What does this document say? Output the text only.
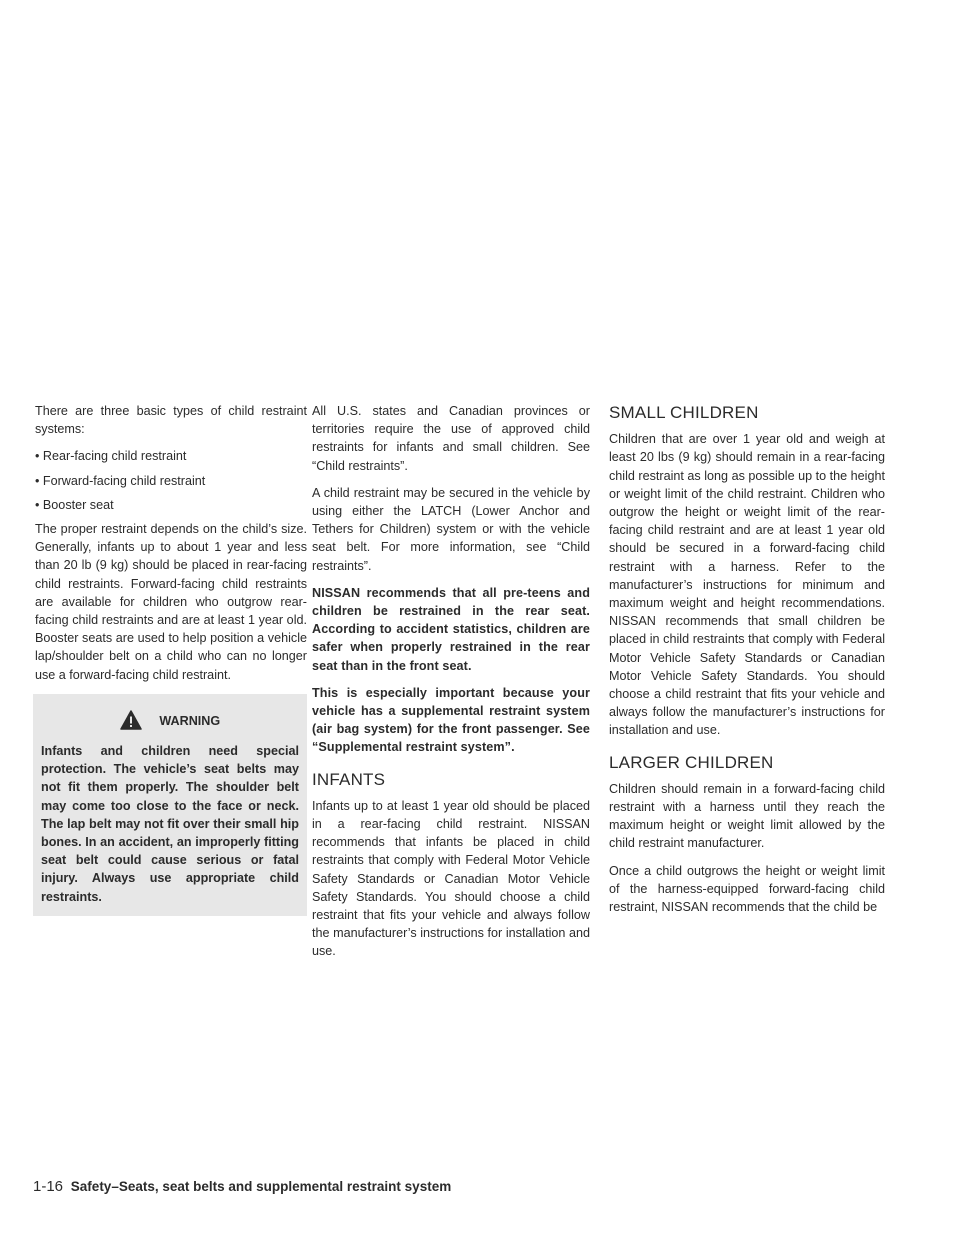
There are three basic types of child restraint systems:

• Rear-facing child restraint

• Forward-facing child restraint

• Booster seat

The proper restraint depends on the child’s size. Generally, infants up to about 1 year and less than 20 lb (9 kg) should be placed in rear-facing child restraints. Forward-facing child restraints are available for children who outgrow rear-facing child restraints and are at least 1 year old. Booster seats are used to help position a vehicle lap/shoulder belt on a child who can no longer use a forward-facing child restraint.

WARNING

Infants and children need special protection. The vehicle’s seat belts may not fit them properly. The shoulder belt may come too close to the face or neck. The lap belt may not fit over their small hip bones. In an accident, an improperly fitting seat belt could cause serious or fatal injury. Always use appropriate child restraints.

All U.S. states and Canadian provinces or territories require the use of approved child restraints for infants and small children. See “Child restraints”.

A child restraint may be secured in the vehicle by using either the LATCH (Lower Anchor and Tethers for Children) system or with the vehicle seat belt. For more information, see “Child restraints”.

NISSAN recommends that all pre-teens and children be restrained in the rear seat. According to accident statistics, children are safer when properly restrained in the rear seat than in the front seat.

This is especially important because your vehicle has a supplemental restraint system (air bag system) for the front passenger. See “Supplemental restraint system”.

INFANTS

Infants up to at least 1 year old should be placed in a rear-facing child restraint. NISSAN recommends that infants be placed in child restraints that comply with Federal Motor Vehicle Safety Standards or Canadian Motor Vehicle Safety Standards. You should choose a child restraint that fits your vehicle and always follow the manufacturer’s instructions for installation and use.

SMALL CHILDREN

Children that are over 1 year old and weigh at least 20 lbs (9 kg) should remain in a rear-facing child restraint as long as possible up to the height or weight limit of the child restraint. Children who outgrow the height or weight limit of the rear-facing child restraint and are at least 1 year old should be secured in a forward-facing child restraint with a harness. Refer to the manufacturer’s instructions for minimum and maximum weight and height recommendations. NISSAN recommends that small children be placed in child restraints that comply with Federal Motor Vehicle Safety Standards or Canadian Motor Vehicle Safety Standards. You should choose a child restraint that fits your vehicle and always follow the manufacturer’s instructions for installation and use.

LARGER CHILDREN

Children should remain in a forward-facing child restraint with a harness until they reach the maximum height or weight limit allowed by the child restraint manufacturer.

Once a child outgrows the height or weight limit of the harness-equipped forward-facing child restraint, NISSAN recommends that the child be

1-16 Safety–Seats, seat belts and supplemental restraint system
